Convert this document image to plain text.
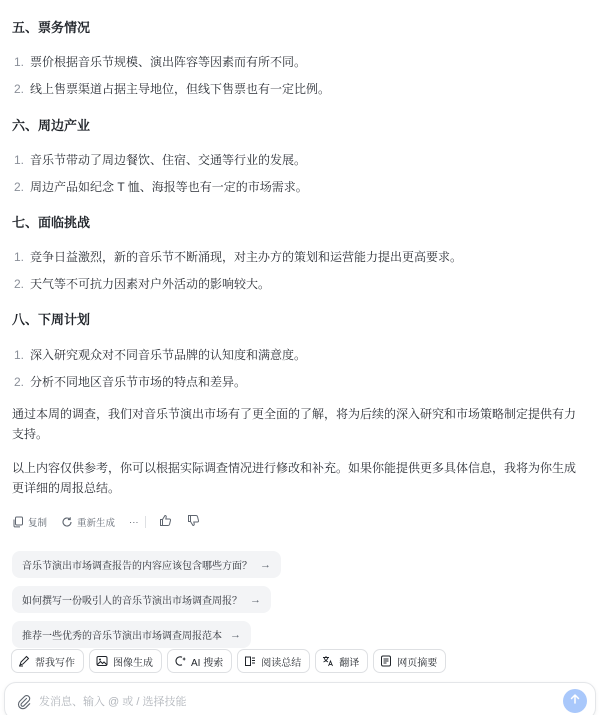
五、票务情况
1. 票价根据音乐节规模、演出阵容等因素而有所不同。
2. 线上售票渠道占据主导地位，但线下售票也有一定比例。
六、周边产业
1. 音乐节带动了周边餐饮、住宿、交通等行业的发展。
2. 周边产品如纪念 T 恤、海报等也有一定的市场需求。
七、面临挑战
1. 竞争日益激烈，新的音乐节不断涌现，对主办方的策划和运营能力提出更高要求。
2. 天气等不可抗力因素对户外活动的影响较大。
八、下周计划
1. 深入研究观众对不同音乐节品牌的认知度和满意度。
2. 分析不同地区音乐节市场的特点和差异。
通过本周的调查，我们对音乐节演出市场有了更全面的了解，将为后续的深入研究和市场策略制定提供有力支持。
以上内容仅供参考，你可以根据实际调查情况进行修改和补充。如果你能提供更多具体信息，我将为你生成更详细的周报总结。
复制	重新生成 ···
音乐节演出市场调查报告的内容应该包含哪些方面？ →
如何撰写一份吸引人的音乐节演出市场调查周报？ →
推荐一些优秀的音乐节演出市场调查周报范本 →
帮我写作	图像生成	AI 搜索	阅读总结	翻译	网页摘要
发消息、输入 @ 或 / 选择技能
